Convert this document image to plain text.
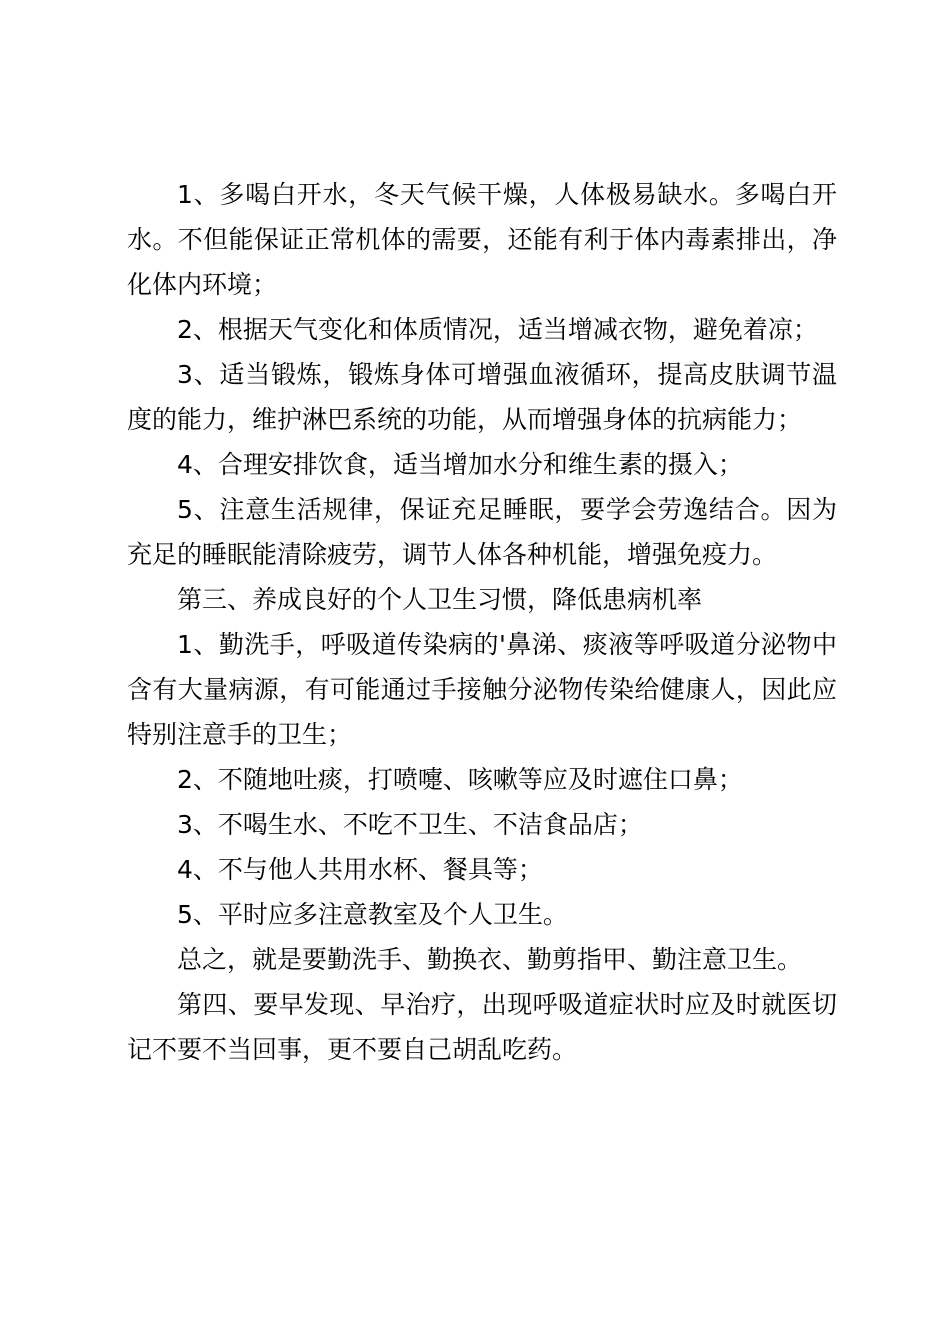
1、多喝白开水，冬天气候干燥，人体极易缺水。多喝白开水。不但能保证正常机体的需要，还能有利于体内毒素排出，净化体内环境；

2、根据天气变化和体质情况，适当增减衣物，避免着凉；

3、适当锻炼，锻炼身体可增强血液循环，提高皮肤调节温度的能力，维护淋巴系统的功能，从而增强身体的抗病能力；

4、合理安排饮食，适当增加水分和维生素的摄入；

5、注意生活规律，保证充足睡眠，要学会劳逸结合。因为充足的睡眠能清除疲劳，调节人体各种机能，增强免疫力。

第三、养成良好的个人卫生习惯，降低患病机率

1、勤洗手，呼吸道传染病的'鼻涕、痰液等呼吸道分泌物中含有大量病源，有可能通过手接触分泌物传染给健康人，因此应特别注意手的卫生；

2、不随地吐痰，打喷嚏、咳嗽等应及时遮住口鼻；

3、不喝生水、不吃不卫生、不洁食品店；

4、不与他人共用水杯、餐具等；

5、平时应多注意教室及个人卫生。

总之，就是要勤洗手、勤换衣、勤剪指甲、勤注意卫生。

第四、要早发现、早治疗，出现呼吸道症状时应及时就医切记不要不当回事，更不要自己胡乱吃药。
